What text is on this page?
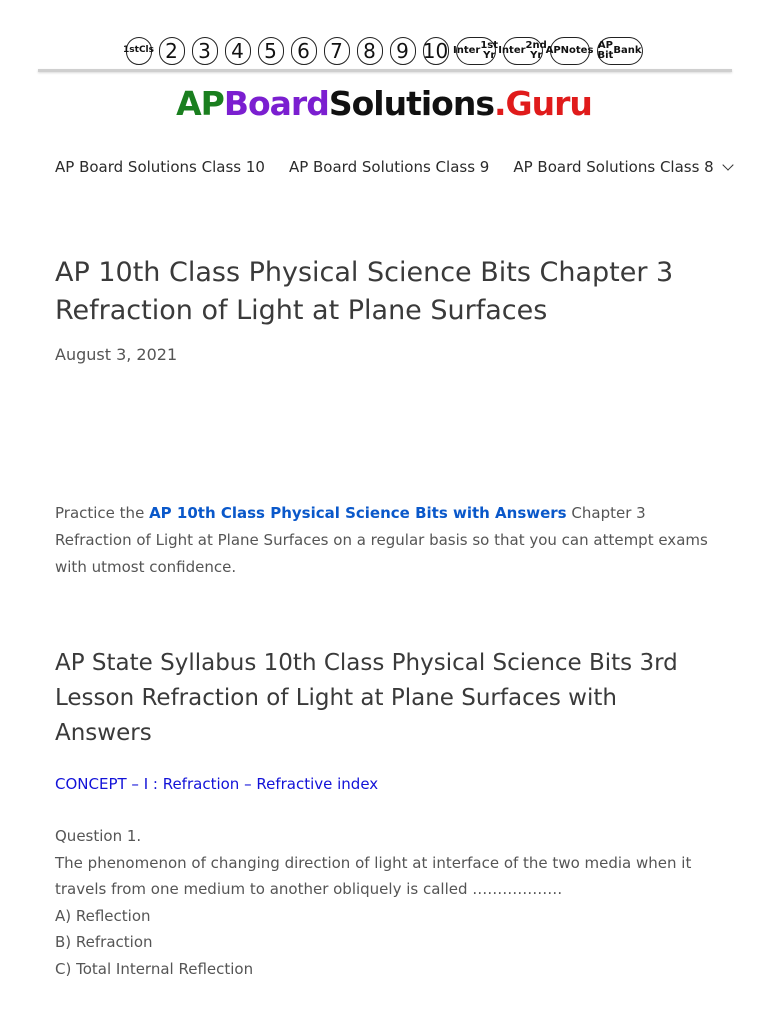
1st Cls 2 3 4 5 6 7 8 9 10 Inter 1st Yr Inter 2nd Yr AP Notes AP Bit Bank
APBoardSolutions.Guru
AP Board Solutions Class 10 AP Board Solutions Class 9 AP Board Solutions Class 8
AP 10th Class Physical Science Bits Chapter 3 Refraction of Light at Plane Surfaces
August 3, 2021

Practice the AP 10th Class Physical Science Bits with Answers Chapter 3 Refraction of Light at Plane Surfaces on a regular basis so that you can attempt exams with utmost confidence.

AP State Syllabus 10th Class Physical Science Bits 3rd Lesson Refraction of Light at Plane Surfaces with Answers
CONCEPT – I : Refraction – Refractive index
Question 1.
The phenomenon of changing direction of light at interface of the two media when it travels from one medium to another obliquely is called ………………
A) Reflection
B) Refraction
C) Total Internal Reflection
